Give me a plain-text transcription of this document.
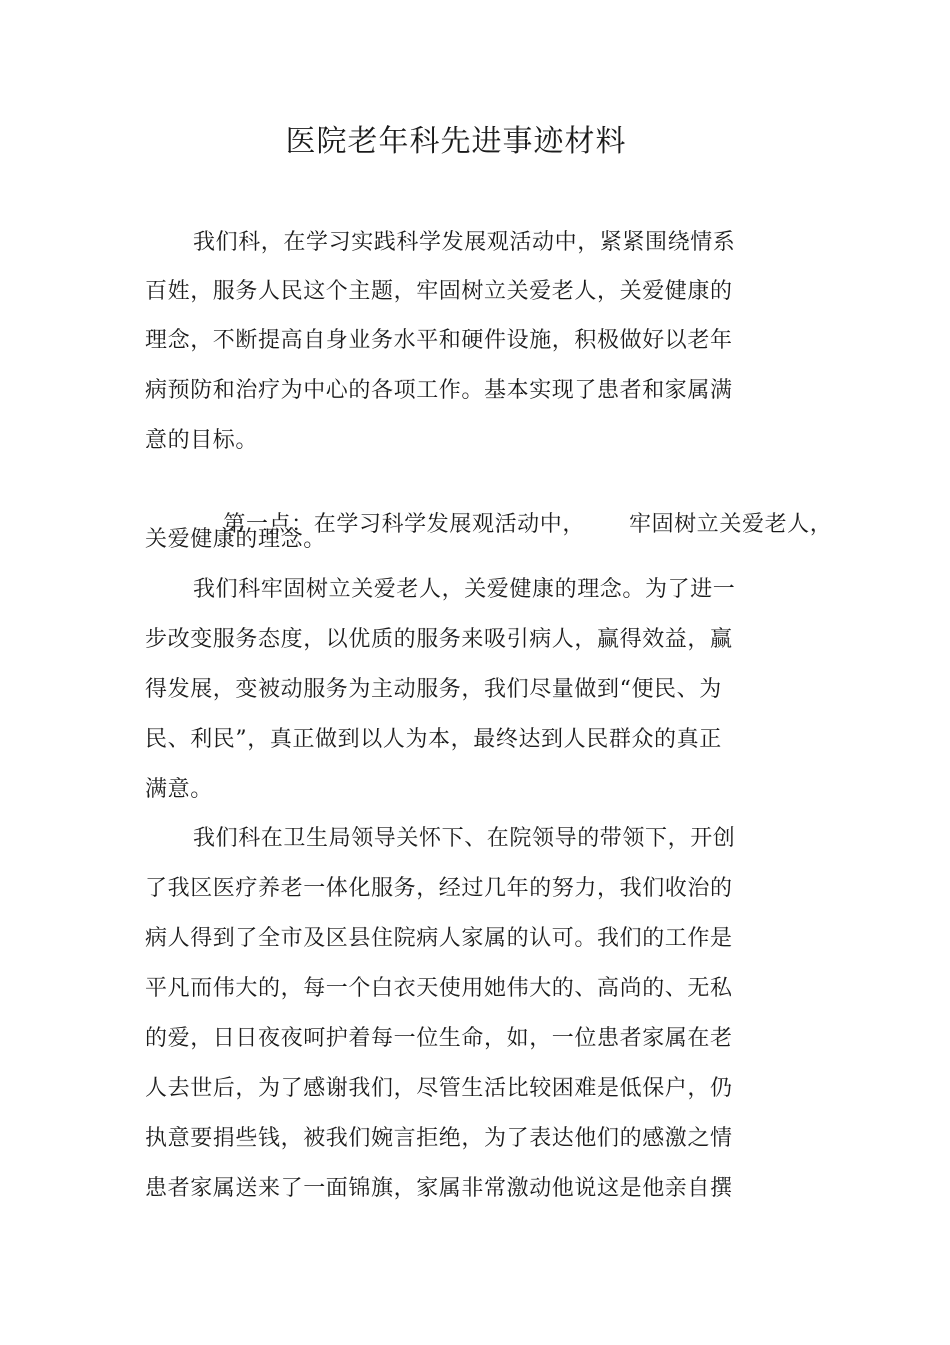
医院老年科先进事迹材料
我们科，在学习实践科学发展观活动中，紧紧围绕情系
百姓，服务人民这个主题，牢固树立关爱老人，关爱健康的
理念，不断提高自身业务水平和硬件设施，积极做好以老年
病预防和治疗为中心的各项工作。基本实现了患者和家属满
意的目标。

第一点：在学习科学发展观活动中， 牢固树立关爱老人，

关爱健康的理念。
我们科牢固树立关爱老人，关爱健康的理念。为了进一
步改变服务态度，以优质的服务来吸引病人，赢得效益，赢
得发展，变被动服务为主动服务，我们尽量做到“便民、为
民、利民”，真正做到以人为本，最终达到人民群众的真正
满意。
我们科在卫生局领导关怀下、在院领导的带领下，开创
了我区医疗养老一体化服务，经过几年的努力，我们收治的
病人得到了全市及区县住院病人家属的认可。我们的工作是
平凡而伟大的，每一个白衣天使用她伟大的、高尚的、无私
的爱，日日夜夜呵护着每一位生命，如，一位患者家属在老
人去世后，为了感谢我们，尽管生活比较困难是低保户，仍
执意要捐些钱，被我们婉言拒绝，为了表达他们的感激之情
患者家属送来了一面锦旗，家属非常激动他说这是他亲自撰
